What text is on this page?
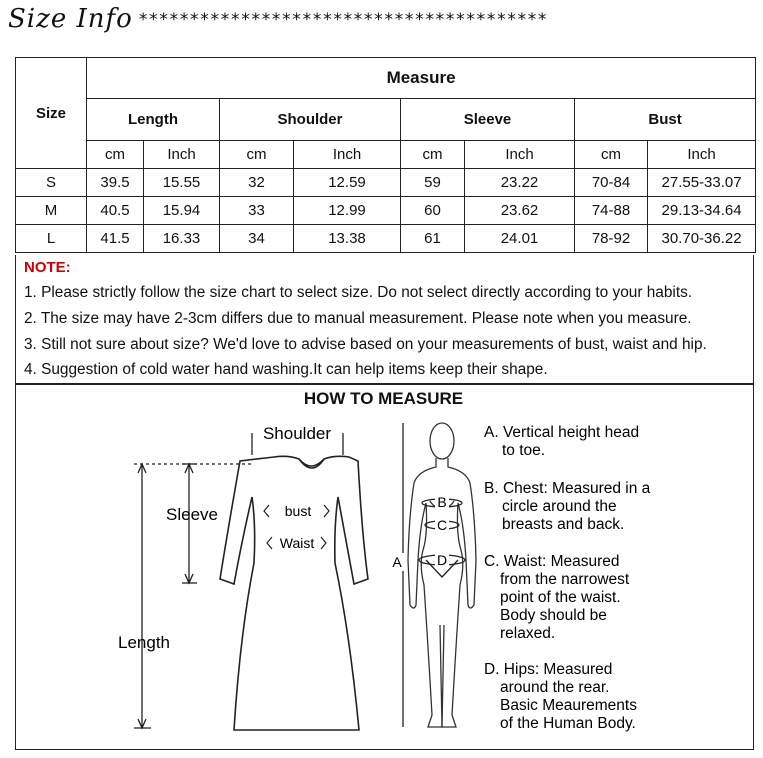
Size Info ****************************************
Size	Measure							
	Length		Shoulder		Sleeve		Bust	
	cm	Inch	cm	Inch	cm	Inch	cm	Inch
S	39.5	15.55	32	12.59	59	23.22	70-84	27.55-33.07
M	40.5	15.94	33	12.99	60	23.62	74-88	29.13-34.64
L	41.5	16.33	34	13.38	61	24.01	78-92	30.70-36.22
NOTE:
1. Please strictly follow the size chart to select size. Do not select directly according to your habits.
2. The size may have 2-3cm differs due to manual measurement. Please note when you measure.
3. Still not sure about size? We'd love to advise based on your measurements of bust, waist and hip.
4. Suggestion of cold water hand washing.It can help items keep their shape.
HOW TO MEASURE
Shoulder
Sleeve
Length
bust
Waist
A
B
C
D
A. Vertical height head
to toe.
B. Chest: Measured in a
circle around the
breasts and back.
C. Waist: Measured
from the narrowest
point of the waist.
Body should be
relaxed.
D. Hips: Measured
around the rear.
Basic Meaurements
of the Human Body.
